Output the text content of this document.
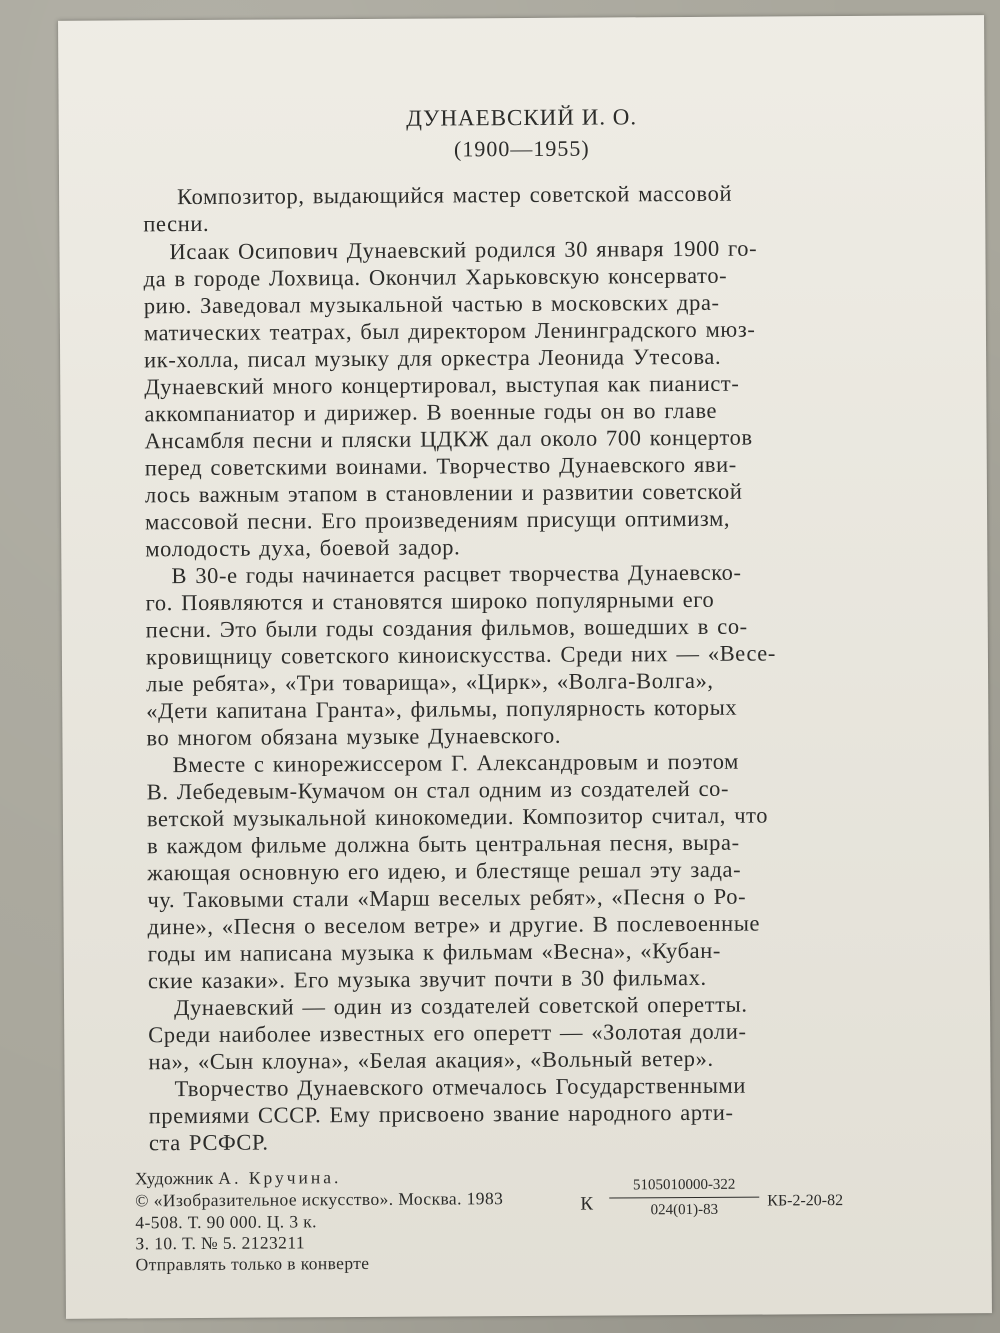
ДУНАЕВСКИЙ И. О.
(1900—1955)
Композитор, выдающийся мастер советской массовой
песни.
Исаак Осипович Дунаевский родился 30 января 1900 го-
да в городе Лохвица. Окончил Харьковскую консервато-
рию. Заведовал музыкальной частью в московских дра-
матических театрах, был директором Ленинградского мюз-
ик-холла, писал музыку для оркестра Леонида Утесова.
Дунаевский много концертировал, выступая как пианист-
аккомпаниатор и дирижер. В военные годы он во главе
Ансамбля песни и пляски ЦДКЖ дал около 700 концертов
перед советскими воинами. Творчество Дунаевского яви-
лось важным этапом в становлении и развитии советской
массовой песни. Его произведениям присущи оптимизм,
молодость духа, боевой задор.
В 30-е годы начинается расцвет творчества Дунаевско-
го. Появляются и становятся широко популярными его
песни. Это были годы создания фильмов, вошедших в со-
кровищницу советского киноискусства. Среди них — «Весе-
лые ребята», «Три товарища», «Цирк», «Волга-Волга»,
«Дети капитана Гранта», фильмы, популярность которых
во многом обязана музыке Дунаевского.
Вместе с кинорежиссером Г. Александровым и поэтом
В. Лебедевым-Кумачом он стал одним из создателей со-
ветской музыкальной кинокомедии. Композитор считал, что
в каждом фильме должна быть центральная песня, выра-
жающая основную его идею, и блестяще решал эту зада-
чу. Таковыми стали «Марш веселых ребят», «Песня о Ро-
дине», «Песня о веселом ветре» и другие. В послевоенные
годы им написана музыка к фильмам «Весна», «Кубан-
ские казаки». Его музыка звучит почти в 30 фильмах.
Дунаевский — один из создателей советской оперетты.
Среди наиболее известных его оперетт — «Золотая доли-
на», «Сын клоуна», «Белая акация», «Вольный ветер».
Творчество Дунаевского отмечалось Государственными
премиями СССР. Ему присвоено звание народного арти-
ста РСФСР.
Художник А. Кручина.
© «Изобразительное искусство». Москва. 1983
4-508. Т. 90 000. Ц. 3 к.
З. 10. Т. № 5. 2123211
Отправлять только в конверте
К $\frac{5105010000-322}{024(01)-83} КБ-2-20-82$
